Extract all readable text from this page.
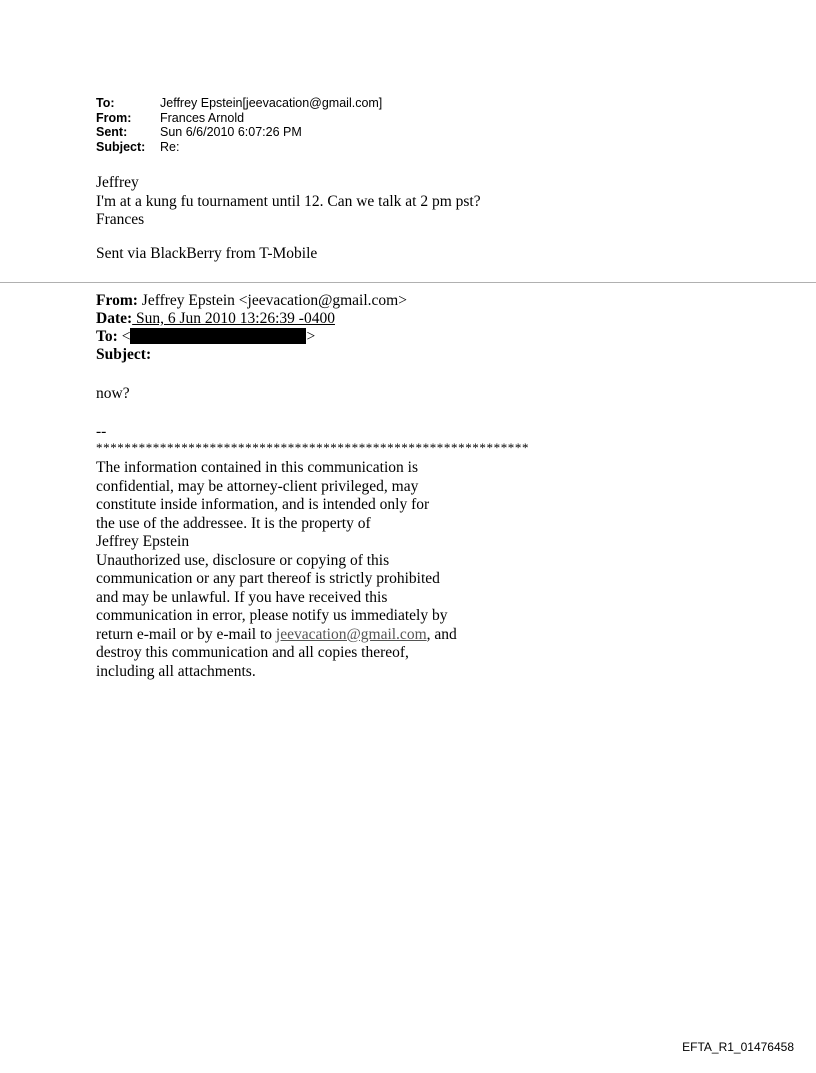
To:	Jeffrey Epstein[jeevacation@gmail.com]
From:	Frances Arnold
Sent:	Sun 6/6/2010 6:07:26 PM
Subject:	Re:

Jeffrey

I'm at a kung fu tournament until 12. Can we talk at 2 pm pst?

Frances

Sent via BlackBerry from T-Mobile
From: Jeffrey Epstein <jeevacation@gmail.com>
Date: Sun, 6 Jun 2010 13:26:39 -0400
To: <	>
Subject:
now?
--
*************************************************************

The information contained in this communication is

confidential, may be attorney-client privileged, may

constitute inside information, and is intended only for

the use of the addressee. It is the property of

Jeffrey Epstein

Unauthorized use, disclosure or copying of this

communication or any part thereof is strictly prohibited

and may be unlawful. If you have received this

communication in error, please notify us immediately by

return e-mail or by e-mail to jeevacation@gmail.com, and

destroy this communication and all copies thereof,

including all attachments.

EFTA_R1_01476458
